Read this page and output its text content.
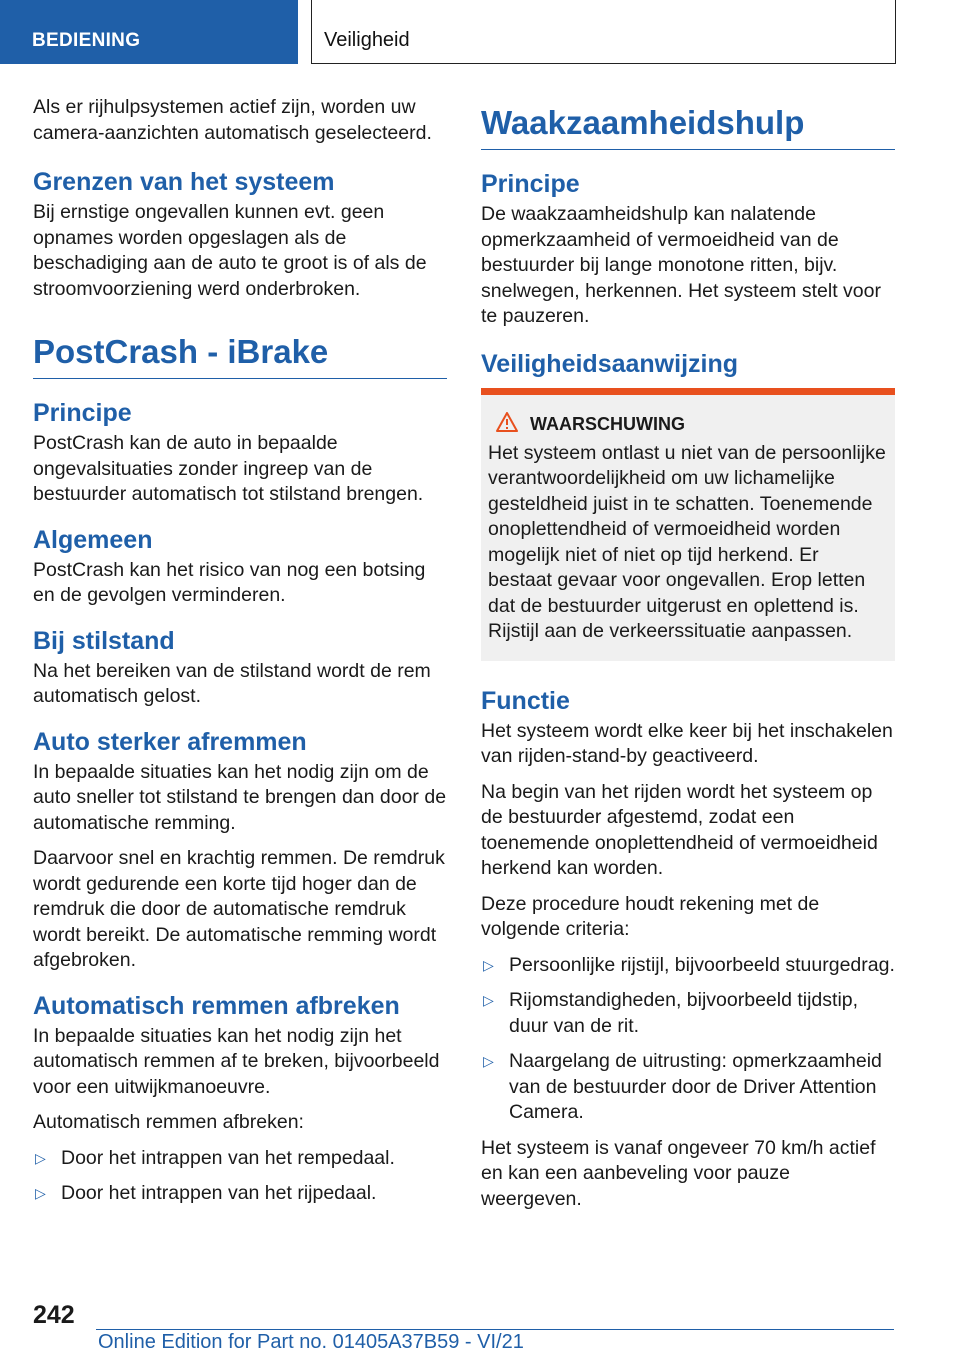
BEDIENING	Veiligheid

Als er rijhulpsystemen actief zijn, worden uw camera-aanzichten automatisch geselecteerd.

Grenzen van het systeem

Bij ernstige ongevallen kunnen evt. geen opnames worden opgeslagen als de beschadiging aan de auto te groot is of als de stroomvoorziening werd onderbroken.

PostCrash - iBrake
Principe

PostCrash kan de auto in bepaalde ongevalsituaties zonder ingreep van de bestuurder automatisch tot stilstand brengen.

Algemeen

PostCrash kan het risico van nog een botsing en de gevolgen verminderen.

Bij stilstand

Na het bereiken van de stilstand wordt de rem automatisch gelost.

Auto sterker afremmen

In bepaalde situaties kan het nodig zijn om de auto sneller tot stilstand te brengen dan door de automatische remming.

Daarvoor snel en krachtig remmen. De remdruk wordt gedurende een korte tijd hoger dan de remdruk die door de automatische remdruk wordt bereikt. De automatische remming wordt afgebroken.

Automatisch remmen afbreken

In bepaalde situaties kan het nodig zijn het automatisch remmen af te breken, bijvoorbeeld voor een uitwijkmanoeuvre.

Automatisch remmen afbreken:

▷ Door het intrappen van het rempedaal.
▷ Door het intrappen van het rijpedaal.
Waakzaamheidshulp
Principe

De waakzaamheidshulp kan nalatende opmerkzaamheid of vermoeidheid van de bestuurder bij lange monotone ritten, bijv. snelwegen, herkennen. Het systeem stelt voor te pauzeren.

Veiligheidsaanwijzing
WAARSCHUWING

Het systeem ontlast u niet van de persoonlijke verantwoordelijkheid om uw lichamelijke gesteldheid juist in te schatten. Toenemende onoplettendheid of vermoeidheid worden mogelijk niet of niet op tijd herkend. Er bestaat gevaar voor ongevallen. Erop letten dat de bestuurder uitgerust en oplettend is. Rijstijl aan de verkeerssituatie aanpassen.

Functie

Het systeem wordt elke keer bij het inschakelen van rijden-stand-by geactiveerd.

Na begin van het rijden wordt het systeem op de bestuurder afgestemd, zodat een toenemende onoplettendheid of vermoeidheid herkend kan worden.

Deze procedure houdt rekening met de volgende criteria:

▷ Persoonlijke rijstijl, bijvoorbeeld stuurgedrag.
▷ Rijomstandigheden, bijvoorbeeld tijdstip, duur van de rit.
▷ Naargelang de uitrusting: opmerkzaamheid van de bestuurder door de Driver Attention Camera.

Het systeem is vanaf ongeveer 70 km/h actief en kan een aanbeveling voor pauze weergeven.

242
Online Edition for Part no. 01405A37B59 - VI/21
